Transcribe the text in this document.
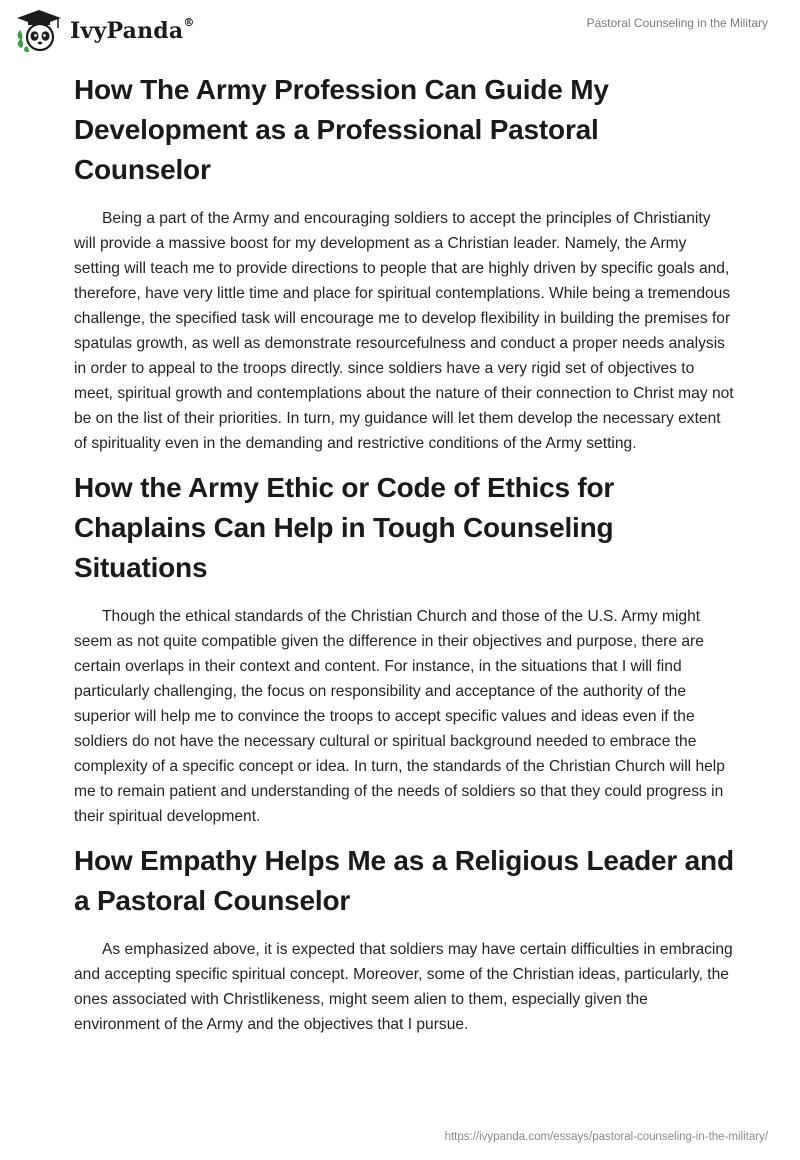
IvyPanda®	Pastoral Counseling in the Military
How The Army Profession Can Guide My Development as a Professional Pastoral Counselor

Being a part of the Army and encouraging soldiers to accept the principles of Christianity will provide a massive boost for my development as a Christian leader. Namely, the Army setting will teach me to provide directions to people that are highly driven by specific goals and, therefore, have very little time and place for spiritual contemplations. While being a tremendous challenge, the specified task will encourage me to develop flexibility in building the premises for spatulas growth, as well as demonstrate resourcefulness and conduct a proper needs analysis in order to appeal to the troops directly. since soldiers have a very rigid set of objectives to meet, spiritual growth and contemplations about the nature of their connection to Christ may not be on the list of their priorities. In turn, my guidance will let them develop the necessary extent of spirituality even in the demanding and restrictive conditions of the Army setting.

How the Army Ethic or Code of Ethics for Chaplains Can Help in Tough Counseling Situations

Though the ethical standards of the Christian Church and those of the U.S. Army might seem as not quite compatible given the difference in their objectives and purpose, there are certain overlaps in their context and content. For instance, in the situations that I will find particularly challenging, the focus on responsibility and acceptance of the authority of the superior will help me to convince the troops to accept specific values and ideas even if the soldiers do not have the necessary cultural or spiritual background needed to embrace the complexity of a specific concept or idea. In turn, the standards of the Christian Church will help me to remain patient and understanding of the needs of soldiers so that they could progress in their spiritual development.

How Empathy Helps Me as a Religious Leader and a Pastoral Counselor

As emphasized above, it is expected that soldiers may have certain difficulties in embracing and accepting specific spiritual concept. Moreover, some of the Christian ideas, particularly, the ones associated with Christlikeness, might seem alien to them, especially given the environment of the Army and the objectives that I pursue.

https://ivypanda.com/essays/pastoral-counseling-in-the-military/
